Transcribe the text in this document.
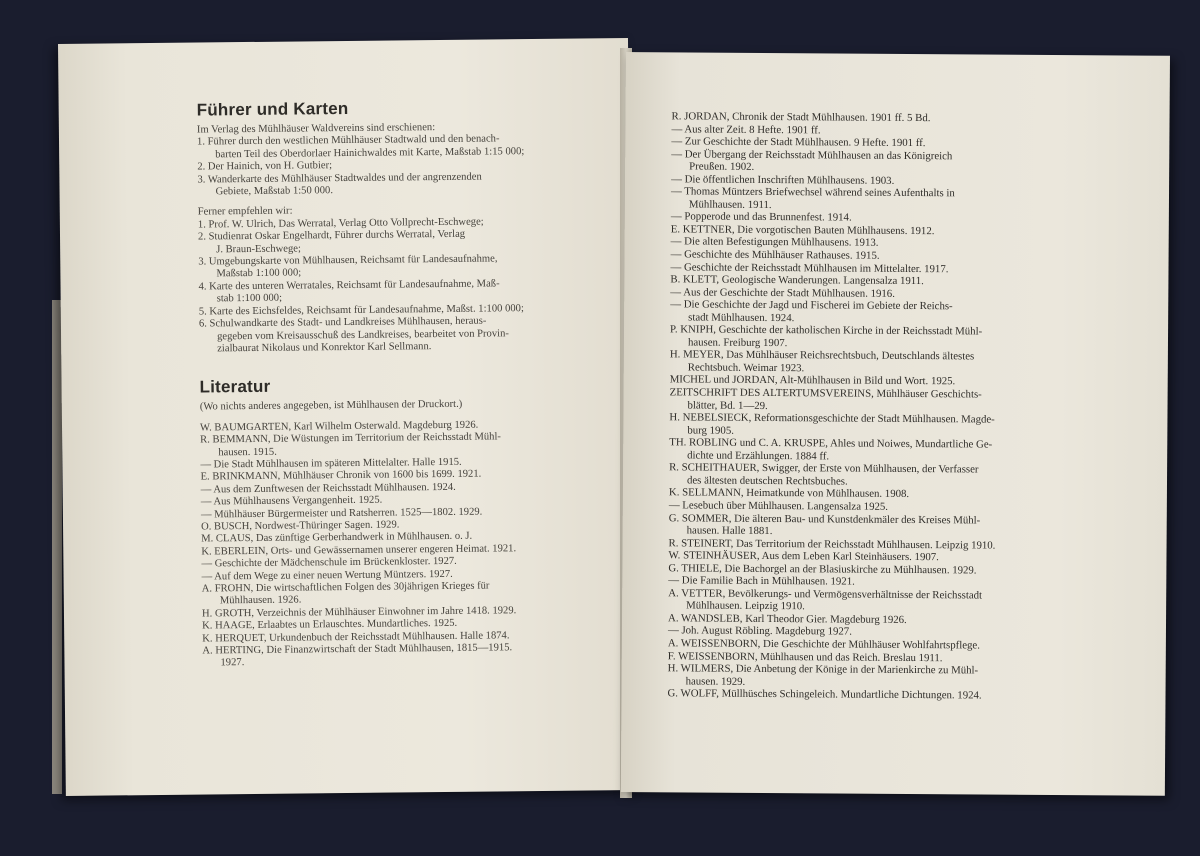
Führer und Karten
Im Verlag des Mühlhäuser Waldvereins sind erschienen:
1. Führer durch den westlichen Mühlhäuser Stadtwald und den benach-
barten Teil des Oberdorlaer Hainichwaldes mit Karte, Maßstab 1:15 000;
2. Der Hainich, von H. Gutbier;
3. Wanderkarte des Mühlhäuser Stadtwaldes und der angrenzenden
Gebiete, Maßstab 1:50 000.
Ferner empfehlen wir:
1. Prof. W. Ulrich, Das Werratal, Verlag Otto Vollprecht-Eschwege;
2. Studienrat Oskar Engelhardt, Führer durchs Werratal, Verlag
J. Braun-Eschwege;
3. Umgebungskarte von Mühlhausen, Reichsamt für Landesaufnahme,
Maßstab 1:100 000;
4. Karte des unteren Werratales, Reichsamt für Landesaufnahme, Maß-
stab 1:100 000;
5. Karte des Eichsfeldes, Reichsamt für Landesaufnahme, Maßst. 1:100 000;
6. Schulwandkarte des Stadt- und Landkreises Mühlhausen, heraus-
gegeben vom Kreisausschuß des Landkreises, bearbeitet von Provin-
zialbaurat Nikolaus und Konrektor Karl Sellmann.
Literatur
(Wo nichts anderes angegeben, ist Mühlhausen der Druckort.)
W. BAUMGARTEN, Karl Wilhelm Osterwald. Magdeburg 1926.
R. BEMMANN, Die Wüstungen im Territorium der Reichsstadt Mühl-
hausen. 1915.
— Die Stadt Mühlhausen im späteren Mittelalter. Halle 1915.
E. BRINKMANN, Mühlhäuser Chronik von 1600 bis 1699. 1921.
— Aus dem Zunftwesen der Reichsstadt Mühlhausen. 1924.
— Aus Mühlhausens Vergangenheit. 1925.
— Mühlhäuser Bürgermeister und Ratsherren. 1525—1802. 1929.
O. BUSCH, Nordwest-Thüringer Sagen. 1929.
M. CLAUS, Das zünftige Gerberhandwerk in Mühlhausen. o. J.
K. EBERLEIN, Orts- und Gewässernamen unserer engeren Heimat. 1921.
— Geschichte der Mädchenschule im Brückenkloster. 1927.
— Auf dem Wege zu einer neuen Wertung Müntzers. 1927.
A. FROHN, Die wirtschaftlichen Folgen des 30jährigen Krieges für
Mühlhausen. 1926.
H. GROTH, Verzeichnis der Mühlhäuser Einwohner im Jahre 1418. 1929.
K. HAAGE, Erlaabtes un Erlauschtes. Mundartliches. 1925.
K. HERQUET, Urkundenbuch der Reichsstadt Mühlhausen. Halle 1874.
A. HERTING, Die Finanzwirtschaft der Stadt Mühlhausen, 1815—1915.
1927.
R. JORDAN, Chronik der Stadt Mühlhausen. 1901 ff. 5 Bd.
— Aus alter Zeit. 8 Hefte. 1901 ff.
— Zur Geschichte der Stadt Mühlhausen. 9 Hefte. 1901 ff.
— Der Übergang der Reichsstadt Mühlhausen an das Königreich
Preußen. 1902.
— Die öffentlichen Inschriften Mühlhausens. 1903.
— Thomas Müntzers Briefwechsel während seines Aufenthalts in
Mühlhausen. 1911.
— Popperode und das Brunnenfest. 1914.
E. KETTNER, Die vorgotischen Bauten Mühlhausens. 1912.
— Die alten Befestigungen Mühlhausens. 1913.
— Geschichte des Mühlhäuser Rathauses. 1915.
— Geschichte der Reichsstadt Mühlhausen im Mittelalter. 1917.
B. KLETT, Geologische Wanderungen. Langensalza 1911.
— Aus der Geschichte der Stadt Mühlhausen. 1916.
— Die Geschichte der Jagd und Fischerei im Gebiete der Reichs-
stadt Mühlhausen. 1924.
P. KNIPH, Geschichte der katholischen Kirche in der Reichsstadt Mühl-
hausen. Freiburg 1907.
H. MEYER, Das Mühlhäuser Reichsrechtsbuch, Deutschlands ältestes
Rechtsbuch. Weimar 1923.
MICHEL und JORDAN, Alt-Mühlhausen in Bild und Wort. 1925.
ZEITSCHRIFT DES ALTERTUMSVEREINS, Mühlhäuser Geschichts-
blätter, Bd. 1—29.
H. NEBELSIECK, Reformationsgeschichte der Stadt Mühlhausen. Magde-
burg 1905.
TH. ROBLING und C. A. KRUSPE, Ahles und Noiwes, Mundartliche Ge-
dichte und Erzählungen. 1884 ff.
R. SCHEITHAUER, Swigger, der Erste von Mühlhausen, der Verfasser
des ältesten deutschen Rechtsbuches.
K. SELLMANN, Heimatkunde von Mühlhausen. 1908.
— Lesebuch über Mühlhausen. Langensalza 1925.
G. SOMMER, Die älteren Bau- und Kunstdenkmäler des Kreises Mühl-
hausen. Halle 1881.
R. STEINERT, Das Territorium der Reichsstadt Mühlhausen. Leipzig 1910.
W. STEINHÄUSER, Aus dem Leben Karl Steinhäusers. 1907.
G. THIELE, Die Bachorgel an der Blasiuskirche zu Mühlhausen. 1929.
— Die Familie Bach in Mühlhausen. 1921.
A. VETTER, Bevölkerungs- und Vermögensverhältnisse der Reichsstadt
Mühlhausen. Leipzig 1910.
A. WANDSLEB, Karl Theodor Gier. Magdeburg 1926.
— Joh. August Röbling. Magdeburg 1927.
A. WEISSENBORN, Die Geschichte der Mühlhäuser Wohlfahrtspflege.
F. WEISSENBORN, Mühlhausen und das Reich. Breslau 1911.
H. WILMERS, Die Anbetung der Könige in der Marienkirche zu Mühl-
hausen. 1929.
G. WOLFF, Müllhüsches Schingeleich. Mundartliche Dichtungen. 1924.
